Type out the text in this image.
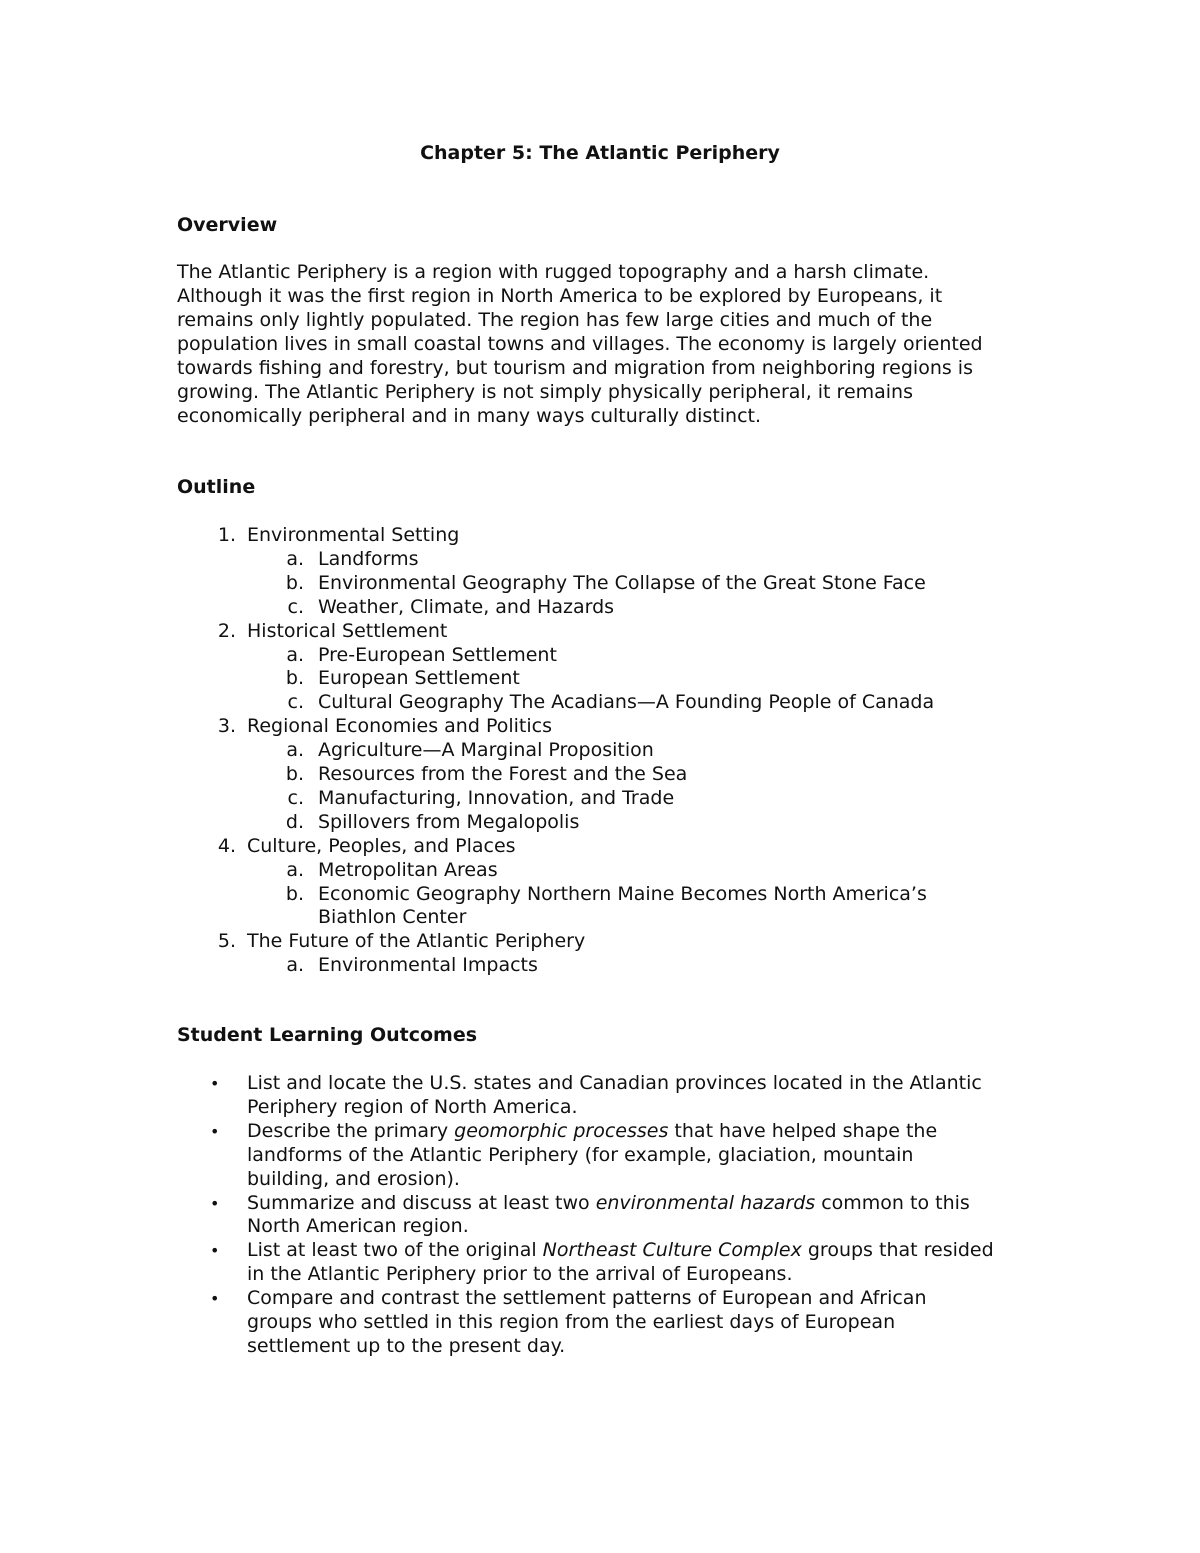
Chapter 5: The Atlantic Periphery
Overview
The Atlantic Periphery is a region with rugged topography and a harsh climate.
Although it was the first region in North America to be explored by Europeans, it
remains only lightly populated. The region has few large cities and much of the
population lives in small coastal towns and villages. The economy is largely oriented
towards fishing and forestry, but tourism and migration from neighboring regions is
growing. The Atlantic Periphery is not simply physically peripheral, it remains
economically peripheral and in many ways culturally distinct.
Outline
1. Environmental Setting
a. Landforms
b. Environmental Geography The Collapse of the Great Stone Face
c. Weather, Climate, and Hazards
2. Historical Settlement
a. Pre-European Settlement
b. European Settlement
c. Cultural Geography The Acadians—A Founding People of Canada
3. Regional Economies and Politics
a. Agriculture—A Marginal Proposition
b. Resources from the Forest and the Sea
c. Manufacturing, Innovation, and Trade
d. Spillovers from Megalopolis
4. Culture, Peoples, and Places
a. Metropolitan Areas
b. Economic Geography Northern Maine Becomes North America’s
Biathlon Center
5. The Future of the Atlantic Periphery
a. Environmental Impacts
Student Learning Outcomes
• List and locate the U.S. states and Canadian provinces located in the Atlantic
Periphery region of North America.
• Describe the primary geomorphic processes that have helped shape the
landforms of the Atlantic Periphery (for example, glaciation, mountain
building, and erosion).
• Summarize and discuss at least two environmental hazards common to this
North American region.
• List at least two of the original Northeast Culture Complex groups that resided
in the Atlantic Periphery prior to the arrival of Europeans.
• Compare and contrast the settlement patterns of European and African
groups who settled in this region from the earliest days of European
settlement up to the present day.
